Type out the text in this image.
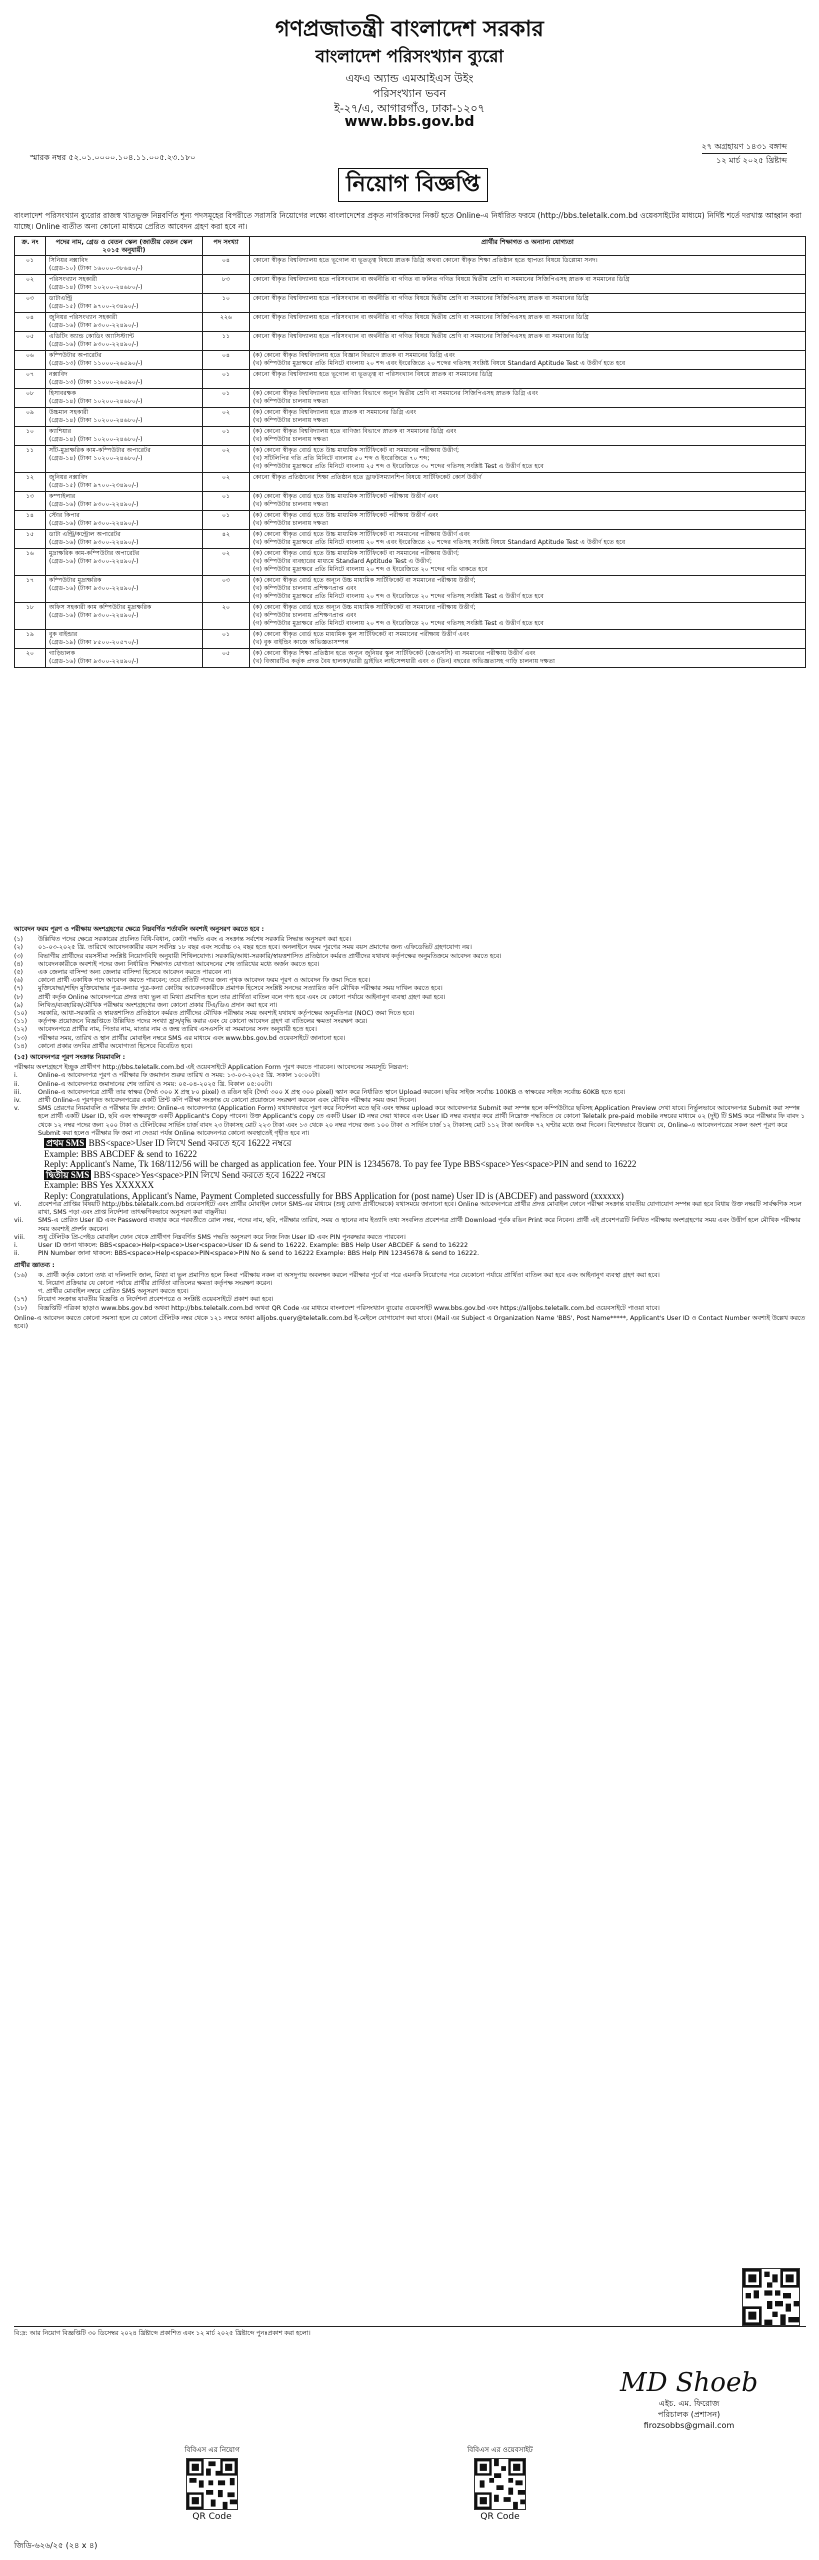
গণপ্রজাতন্ত্রী বাংলাদেশ সরকার
বাংলাদেশ পরিসংখ্যান ব্যুরো
এফএ অ্যান্ড এমআইএস উইং
পরিসংখ্যান ভবন
ই-২৭/এ, আগারগাঁও, ঢাকা-১২০৭
www.bbs.gov.bd
স্মারক নম্বর ৫২.০১.০০০০.১০৪.১১.০০৫.২৩.১৮০
২৭ অগ্রহায়ণ ১৪৩১ বঙ্গাব্দ
১২ মার্চ ২০২৫ খ্রিষ্টাব্দ
নিয়োগ বিজ্ঞপ্তি
বাংলাদেশ পরিসংখ্যান ব্যুরোর রাজস্ব খাতভুক্ত নিম্নবর্ণিত শূন্য পদসমূহের বিপরীতে সরাসরি নিয়োগের লক্ষ্যে বাংলাদেশের প্রকৃত নাগরিকদের নিকট হতে Online-এ নির্ধারিত ফরমে (http://bbs.teletalk.com.bd ওয়েবসাইটের মাধ্যমে) নির্দিষ্ট শর্তে দরখাস্ত আহ্বান করা যাচ্ছে। Online ব্যতীত অন্য কোনো মাধ্যমে প্রেরিত আবেদন গ্রহণ করা হবে না।
ক্র. নং	পদের নাম, গ্রেড ও বেতন স্কেল (জাতীয় বেতন স্কেল ২০১৫ অনুযায়ী)	পদ সংখ্যা	প্রার্থীর শিক্ষাগত ও অন্যান্য যোগ্যতা
০১	সিনিয়র নক্সাবিদ
(গ্রেড-১০) (টাকা ১৬০০০-৩৮৬৪০/-)	০৪	কোনো স্বীকৃত বিশ্ববিদ্যালয় হতে ভূগোল বা ভূতত্ত্ব বিষয়ে স্নাতক ডিগ্রি অথবা কোনো স্বীকৃত শিক্ষা প্রতিষ্ঠান হতে স্থাপত্য বিষয়ে ডিপ্লোমা সনদ।
০২	পরিসংখ্যান সহকারী
(গ্রেড-১৪) (টাকা ১০২০০-২৪৬৮০/-)	৮৩	কোনো স্বীকৃত বিশ্ববিদ্যালয় হতে পরিসংখ্যান বা অর্থনীতি বা গণিত বা ফলিত গণিত বিষয়ে দ্বিতীয় শ্রেণি বা সমমানের সিজিপিএসহ স্নাতক বা সমমানের ডিগ্রি
০৩	ডাটাএন্ট্রি
(গ্রেড-১৫) (টাকা ৯৭০০-২৩৪৯০/-)	১০	কোনো স্বীকৃত বিশ্ববিদ্যালয় হতে পরিসংখ্যান বা অর্থনীতি বা গণিত বিষয়ে দ্বিতীয় শ্রেণি বা সমমানের সিজিপিএসহ স্নাতক বা সমমানের ডিগ্রি
০৪	জুনিয়র পরিসংখ্যান সহকারী
(গ্রেড-১৬) (টাকা ৯৩০০-২২৪৯০/-)	২২৬	কোনো স্বীকৃত বিশ্ববিদ্যালয় হতে পরিসংখ্যান বা অর্থনীতি বা গণিত বিষয়ে দ্বিতীয় শ্রেণি বা সমমানের সিজিপিএসহ স্নাতক বা সমমানের ডিগ্রি
০৫	এডিটিং অ্যান্ড কোডিং অ্যাসিস্ট্যান্ট
(গ্রেড-১৬) (টাকা ৯৩০০-২২৪৯০/-)	১১	কোনো স্বীকৃত বিশ্ববিদ্যালয় হতে পরিসংখ্যান বা অর্থনীতি বা গণিত বিষয়ে দ্বিতীয় শ্রেণি বা সমমানের সিজিপিএসহ স্নাতক বা সমমানের ডিগ্রি
০৬	কম্পিউটার অপারেটর
(গ্রেড-১৩) (টাকা ১১০০০-২৬৫৯০/-)	০৪	(ক) কোনো স্বীকৃত বিশ্ববিদ্যালয় হতে বিজ্ঞান বিভাগে স্নাতক বা সমমানের ডিগ্রি এবং
(খ) কম্পিউটার মুদ্রাক্ষরে প্রতি মিনিটে বাংলায় ২০ শব্দ এবং ইংরেজিতে ২০ শব্দের গতিসহ সংশ্লিষ্ট বিষয়ে Standard Aptitude Test এ উত্তীর্ণ হতে হবে
০৭	নক্সাবিদ
(গ্রেড-১৩) (টাকা ১১০০০-২৬৫৯০/-)	০১	কোনো স্বীকৃত বিশ্ববিদ্যালয় হতে ভূগোল বা ভূতত্ত্ব বা পরিসংখ্যান বিষয়ে স্নাতক বা সমমানের ডিগ্রি
০৮	হিসাবরক্ষক
(গ্রেড-১৪) (টাকা ১০২০০-২৪৬৮০/-)	০১	(ক) কোনো স্বীকৃত বিশ্ববিদ্যালয় হতে বাণিজ্য বিভাগে অন্যূন দ্বিতীয় শ্রেণি বা সমমানের সিজিপিএসহ স্নাতক ডিগ্রি এবং
(খ) কম্পিউটার চালনায় দক্ষতা
০৯	উচ্চমান সহকারী
(গ্রেড-১৪) (টাকা ১০২০০-২৪৬৮০/-)	০২	(ক) কোনো স্বীকৃত বিশ্ববিদ্যালয় হতে স্নাতক বা সমমানের ডিগ্রি এবং
(খ) কম্পিউটার চালনায় দক্ষতা
১০	ক্যাশিয়ার
(গ্রেড-১৪) (টাকা ১০২০০-২৪৬৮০/-)	০১	(ক) কোনো স্বীকৃত বিশ্ববিদ্যালয় হতে বাণিজ্য বিভাগে স্নাতক বা সমমানের ডিগ্রি এবং
(খ) কম্পিউটার চালনায় দক্ষতা
১১	সাঁট-মুদ্রাক্ষরিক কাম-কম্পিউটার অপারেটর
(গ্রেড-১৪) (টাকা ১০২০০-২৪৬৮০/-)	০২	(ক) কোনো স্বীকৃত বোর্ড হতে উচ্চ মাধ্যমিক সার্টিফিকেট বা সমমানের পরীক্ষায় উত্তীর্ণ;
(খ) সাঁটলিপির গতি প্রতি মিনিটে বাংলায় ৫০ শব্দ ও ইংরেজিতে ৭০ শব্দ;
(গ) কম্পিউটার মুদ্রাক্ষরে প্রতি মিনিটে বাংলায় ২৫ শব্দ ও ইংরেজিতে ৩০ শব্দের গতিসহ সংশ্লিষ্ট Test এ উত্তীর্ণ হতে হবে
১২	জুনিয়র নক্সাবিদ
(গ্রেড-১৫) (টাকা ৯৭০০-২৩৪৯০/-)	০২	কোনো স্বীকৃত প্রতিষ্ঠানের শিক্ষা প্রতিষ্ঠান হতে ড্রাফটসম্যানশিপ বিষয়ে সার্টিফিকেট কোর্স উত্তীর্ণ
১৩	কম্পাইলার
(গ্রেড-১৬) (টাকা ৯৩০০-২২৪৯০/-)	০১	(ক) কোনো স্বীকৃত বোর্ড হতে উচ্চ মাধ্যমিক সার্টিফিকেট পরীক্ষায় উত্তীর্ণ এবং
(খ) কম্পিউটার চালনায় দক্ষতা
১৪	স্টোর কিপার
(গ্রেড-১৬) (টাকা ৯৩০০-২২৪৯০/-)	০১	(ক) কোনো স্বীকৃত বোর্ড হতে উচ্চ মাধ্যমিক সার্টিফিকেট পরীক্ষায় উত্তীর্ণ এবং
(খ) কম্পিউটার চালনায় দক্ষতা
১৫	ডাটা এন্ট্রি/কন্ট্রোল অপারেটর
(গ্রেড-১৬) (টাকা ৯৩০০-২২৪৯০/-)	৪২	(ক) কোনো স্বীকৃত বোর্ড হতে উচ্চ মাধ্যমিক সার্টিফিকেট বা সমমানের পরীক্ষায় উত্তীর্ণ এবং
(খ) কম্পিউটার মুদ্রাক্ষরে প্রতি মিনিটে বাংলায় ২০ শব্দ এবং ইংরেজিতে ২০ শব্দের গতিসহ সংশ্লিষ্ট বিষয়ে Standard Aptitude Test এ উত্তীর্ণ হতে হবে
১৬	মুদ্রাক্ষরিক কাম-কম্পিউটার অপারেটর
(গ্রেড-১৬) (টাকা ৯৩০০-২২৪৯০/-)	০২	(ক) কোনো স্বীকৃত বোর্ড হতে উচ্চ মাধ্যমিক সার্টিফিকেট বা সমমানের পরীক্ষায় উত্তীর্ণ;
(খ) কম্পিউটার ব্যবহারের মাধ্যমে Standard Aptitude Test এ উত্তীর্ণ;
(গ) কম্পিউটার মুদ্রাক্ষরে প্রতি মিনিটে বাংলায় ২০ শব্দ ও ইংরেজিতে ২০ শব্দের গতি থাকতে হবে
১৭	কম্পিউটার মুদ্রাক্ষরিক
(গ্রেড-১৬) (টাকা ৯৩০০-২২৪৯০/-)	০৩	(ক) কোনো স্বীকৃত বোর্ড হতে অন্যূন উচ্চ মাধ্যমিক সার্টিফিকেট বা সমমানের পরীক্ষায় উত্তীর্ণ;
(খ) কম্পিউটার চালনায় প্রশিক্ষণপ্রাপ্ত এবং
(গ) কম্পিউটার মুদ্রাক্ষরে প্রতি মিনিটে বাংলায় ২০ শব্দ ও ইংরেজিতে ২০ শব্দের গতিসহ সংশ্লিষ্ট Test এ উত্তীর্ণ হতে হবে
১৮	অফিস সহকারী কাম কম্পিউটার মুদ্রাক্ষরিক
(গ্রেড-১৬) (টাকা ৯৩০০-২২৪৯০/-)	২০	(ক) কোনো স্বীকৃত বোর্ড হতে অন্যূন উচ্চ মাধ্যমিক সার্টিফিকেট বা সমমানের পরীক্ষায় উত্তীর্ণ;
(খ) কম্পিউটার চালনায় প্রশিক্ষণপ্রাপ্ত এবং
(গ) কম্পিউটার মুদ্রাক্ষরে প্রতি মিনিটে বাংলায় ২০ শব্দ ও ইংরেজিতে ২০ শব্দের গতিসহ সংশ্লিষ্ট Test এ উত্তীর্ণ হতে হবে
১৯	বুক বাইন্ডার
(গ্রেড-১৯) (টাকা ৮৫০০-২০৫৭০/-)	০১	(ক) কোনো স্বীকৃত বোর্ড হতে মাধ্যমিক স্কুল সার্টিফিকেট বা সমমানের পরীক্ষায় উত্তীর্ণ এবং
(খ) বুক বাইন্ডিং কাজে অভিজ্ঞতাসম্পন্ন
২০	গাড়িচালক
(গ্রেড-১৬) (টাকা ৯৩০০-২২৪৯০/-)	০৫	(ক) কোনো স্বীকৃত শিক্ষা প্রতিষ্ঠান হতে অন্যূন জুনিয়র স্কুল সার্টিফিকেট (জেএসসি) বা সমমানের পরীক্ষায় উত্তীর্ণ এবং
(খ) বিআরটিএ কর্তৃক প্রদত্ত বৈধ হালকা/ভারী ড্রাইভিং লাইসেন্সধারী এবং ৩ (তিন) বছরের অভিজ্ঞতাসহ গাড়ি চালনায় দক্ষতা
আবেদন ফরম পূরণ ও পরীক্ষায় অংশগ্রহণের ক্ষেত্রে নিম্নবর্ণিত শর্তাবলি অবশ্যই অনুসরণ করতে হবে :
(১)	উল্লিখিত পদের ক্ষেত্রে সরকারের প্রচলিত বিধি-বিধান, কোটা পদ্ধতি এবং এ সংক্রান্ত সর্বশেষ সরকারি সিদ্ধান্ত অনুসরণ করা হবে।
(২)	০১-০৩-২০২৫ খ্রি. তারিখে আবেদনকারীর বয়স সর্বনিম্ন ১৮ বছর এবং সর্বোচ্চ ৩২ বছর হতে হবে। অনলাইনে ফরম পূরণের সময় বয়স প্রমাণের জন্য এফিডেভিট গ্রহণযোগ্য নয়।
(৩)	বিভাগীয় প্রার্থীদের বয়সসীমা সংশ্লিষ্ট নিয়োগবিধি অনুযায়ী শিথিলযোগ্য। সরকারি/আধা-সরকারি/স্বায়ত্তশাসিত প্রতিষ্ঠানে কর্মরত প্রার্থীদের যথাযথ কর্তৃপক্ষের অনুমতিক্রমে আবেদন করতে হবে।
(৪)	আবেদনকারীকে অবশ্যই পদের জন্য নির্ধারিত শিক্ষাগত যোগ্যতা আবেদনের শেষ তারিখের মধ্যে অর্জন করতে হবে।
(৫)	এক জেলার বাসিন্দা অন্য জেলার বাসিন্দা হিসেবে আবেদন করতে পারবেন না।
(৬)	কোনো প্রার্থী একাধিক পদে আবেদন করতে পারবেন; তবে প্রতিটি পদের জন্য পৃথক আবেদন ফরম পূরণ ও আবেদন ফি জমা দিতে হবে।
(৭)	মুক্তিযোদ্ধা/শহিদ মুক্তিযোদ্ধার পুত্র-কন্যার পুত্র-কন্যা কোটায় আবেদনকারীকে প্রমাণক হিসেবে সংশ্লিষ্ট সনদের সত্যায়িত কপি মৌখিক পরীক্ষার সময় দাখিল করতে হবে।
(৮)	প্রার্থী কর্তৃক Online আবেদনপত্রে প্রদত্ত তথ্য ভুল বা মিথ্যা প্রমাণিত হলে তার প্রার্থিতা বাতিল বলে গণ্য হবে এবং যে কোনো পর্যায়ে আইনানুগ ব্যবস্থা গ্রহণ করা হবে।
(৯)	লিখিত/ব্যবহারিক/মৌখিক পরীক্ষায় অংশগ্রহণের জন্য কোনো প্রকার টিএ/ডিএ প্রদান করা হবে না।
(১০)	সরকারি, আধা-সরকারি ও স্বায়ত্তশাসিত প্রতিষ্ঠানে কর্মরত প্রার্থীদের মৌখিক পরীক্ষার সময় অবশ্যই যথাযথ কর্তৃপক্ষের অনুমতিপত্র (NOC) জমা দিতে হবে।
(১১)	কর্তৃপক্ষ প্রয়োজনে বিজ্ঞপ্তিতে উল্লিখিত পদের সংখ্যা হ্রাস/বৃদ্ধি করার এবং যে কোনো আবেদন গ্রহণ বা বাতিলের ক্ষমতা সংরক্ষণ করে।
(১২)	আবেদনপত্রে প্রার্থীর নাম, পিতার নাম, মাতার নাম ও জন্ম তারিখ এসএসসি বা সমমানের সনদ অনুযায়ী হতে হবে।
(১৩)	পরীক্ষার সময়, তারিখ ও স্থান প্রার্থীর মোবাইল নম্বরে SMS এর মাধ্যমে এবং www.bbs.gov.bd ওয়েবসাইটে জানানো হবে।
(১৪)	কোনো প্রকার তদবির প্রার্থীর অযোগ্যতা হিসেবে বিবেচিত হবে।
(১৫) আবেদনপত্র পূরণ সংক্রান্ত নিয়মাবলি :
পরীক্ষায় অংশগ্রহণে ইচ্ছুক প্রার্থীগণ http://bbs.teletalk.com.bd এই ওয়েবসাইটে Application Form পূরণ করতে পারবেন। আবেদনের সময়সূচি নিম্নরূপ:
i.	Online-এ আবেদনপত্র পূরণ ও পরীক্ষার ফি জমাদান শুরুর তারিখ ও সময়: ১৩-০৩-২০২৫ খ্রি. সকাল ১০:০০টা।
ii.	Online-এ আবেদনপত্র জমাদানের শেষ তারিখ ও সময়: ০৫-০৪-২০২৫ খ্রি. বিকাল ০৫:০০টা।
iii.	Online-এ আবেদনপত্রে প্রার্থী তার স্বাক্ষর (দৈর্ঘ্য ৩০০ X প্রস্থ ৮০ pixel) ও রঙিন ছবি (দৈর্ঘ্য ৩০০ X প্রস্থ ৩০০ pixel) স্ক্যান করে নির্ধারিত স্থানে Upload করবেন। ছবির সাইজ সর্বোচ্চ 100KB ও স্বাক্ষরের সাইজ সর্বোচ্চ 60KB হতে হবে।
iv.	প্রার্থী Online-এ পূরণকৃত আবেদনপত্রের একটি প্রিন্ট কপি পরীক্ষা সংক্রান্ত যে কোনো প্রয়োজনে সংরক্ষণ করবেন এবং মৌখিক পরীক্ষার সময় জমা দিবেন।
v.	SMS প্রেরণের নিয়মাবলি ও পরীক্ষার ফি প্রদান: Online-এ আবেদনপত্র (Application Form) যথাযথভাবে পূরণ করে নির্দেশনা মতে ছবি এবং স্বাক্ষর upload করে আবেদনপত্র Submit করা সম্পন্ন হলে কম্পিউটারে ছবিসহ Application Preview দেখা যাবে। নির্ভুলভাবে আবেদনপত্র Submit করা সম্পন্ন হলে প্রার্থী একটি User ID, ছবি এবং স্বাক্ষরযুক্ত একটি Applicant's Copy পাবেন। উক্ত Applicant's copy তে একটি User ID নম্বর দেয়া থাকবে এবং User ID নম্বর ব্যবহার করে প্রার্থী নিম্নোক্ত পদ্ধতিতে যে কোনো Teletalk pre-paid mobile নম্বরের মাধ্যমে ০২ (দুই) টি SMS করে পরীক্ষার ফি বাবদ ১ থেকে ১২ নম্বর পদের জন্য ২০০ টাকা ও টেলিটকের সার্ভিস চার্জ বাবদ ২৩ টাকাসহ মোট ২২৩ টাকা এবং ১৩ থেকে ২০ নম্বর পদের জন্য ১০০ টাকা ও সার্ভিস চার্জ ১২ টাকাসহ মোট ১১২ টাকা অনধিক ৭২ ঘণ্টার মধ্যে জমা দিবেন। বিশেষভাবে উল্লেখ্য যে, Online-এ আবেদনপত্রের সকল অংশ পূরণ করে Submit করা হলেও পরীক্ষার ফি জমা না দেওয়া পর্যন্ত Online আবেদনপত্র কোনো অবস্থাতেই গৃহীত হবে না।
প্রথম SMS BBS<space>User ID লিখে Send করতে হবে 16222 নম্বরে
Example: BBS ABCDEF & send to 16222
Reply: Applicant's Name, Tk 168/112/56 will be charged as application fee. Your PIN is 12345678. To pay fee Type BBS<space>Yes<space>PIN and send to 16222
দ্বিতীয় SMS BBS<space>Yes<space>PIN লিখে Send করতে হবে 16222 নম্বরে
Example: BBS Yes XXXXXX
Reply: Congratulations, Applicant's Name, Payment Completed successfully for BBS Application for (post name) User ID is (ABCDEF) and password (xxxxxx)
vi.	প্রবেশপত্র প্রাপ্তির বিষয়টি http://bbs.teletalk.com.bd ওয়েবসাইটে এবং প্রার্থীর মোবাইল ফোনে SMS-এর মাধ্যমে (শুধু যোগ্য প্রার্থীদেরকে) যথাসময়ে জানানো হবে। Online আবেদনপত্রে প্রার্থীর প্রদত্ত মোবাইল ফোনে পরীক্ষা সংক্রান্ত যাবতীয় যোগাযোগ সম্পন্ন করা হবে বিধায় উক্ত নম্বরটি সার্বক্ষণিক সচল রাখা, SMS পড়া এবং প্রাপ্ত নির্দেশনা তাৎক্ষণিকভাবে অনুসরণ করা বাঞ্ছনীয়।
vii.	SMS-এ প্রেরিত User ID এবং Password ব্যবহার করে পরবর্তীতে রোল নম্বর, পদের নাম, ছবি, পরীক্ষার তারিখ, সময় ও স্থানের নাম ইত্যাদি তথ্য সংবলিত প্রবেশপত্র প্রার্থী Download পূর্বক রঙিন Print করে নিবেন। প্রার্থী এই প্রবেশপত্রটি লিখিত পরীক্ষায় অংশগ্রহণের সময় এবং উত্তীর্ণ হলে মৌখিক পরীক্ষার সময় অবশ্যই প্রদর্শন করবেন।
viii.	শুধু টেলিটক প্রি-পেইড মোবাইল ফোন থেকে প্রার্থীগণ নিম্নবর্ণিত SMS পদ্ধতি অনুসরণ করে নিজ নিজ User ID এবং PIN পুনরুদ্ধার করতে পারবেন।
i.	User ID জানা থাকলে: BBS<space>Help<space>User<space>User ID & send to 16222. Example: BBS Help User ABCDEF & send to 16222
ii.	PIN Number জানা থাকলে: BBS<space>Help<space>PIN<space>PIN No & send to 16222 Example: BBS Help PIN 12345678 & send to 16222.
প্রার্থীর জ্ঞাতব্য :
(১৬)	ক. প্রার্থী কর্তৃক কোনো তথ্য বা দলিলাদি জাল, মিথ্যা বা ভুল প্রমাণিত হলে কিংবা পরীক্ষায় নকল বা অসদুপায় অবলম্বন করলে পরীক্ষার পূর্বে বা পরে এমনকি নিয়োগের পরে যেকোনো পর্যায়ে প্রার্থিতা বাতিল করা হবে এবং আইনানুগ ব্যবস্থা গ্রহণ করা হবে।
খ. নিয়োগ প্রক্রিয়ার যে কোনো পর্যায়ে প্রার্থীর প্রার্থিতা বাতিলের ক্ষমতা কর্তৃপক্ষ সংরক্ষণ করেন।
গ. প্রার্থীর মোবাইল নম্বরে প্রেরিত SMS অনুসরণ করতে হবে।
(১৭)	নিয়োগ সংক্রান্ত যাবতীয় বিজ্ঞপ্তি ও নির্দেশনা প্রবেশপত্রে ও সংশ্লিষ্ট ওয়েবসাইটে প্রকাশ করা হবে।
(১৮)	বিজ্ঞপ্তিটি পত্রিকা ছাড়াও www.bbs.gov.bd অথবা http://bbs.teletalk.com.bd অথবা QR Code এর মাধ্যমে বাংলাদেশ পরিসংখ্যান ব্যুরোর ওয়েবসাইট www.bbs.gov.bd এবং https://alljobs.teletalk.com.bd ওয়েবসাইটে পাওয়া যাবে।
Online-এ আবেদন করতে কোনো সমস্যা হলে যে কোনো টেলিটক নম্বর থেকে ১২১ নম্বরে অথবা alljobs.query@teletalk.com.bd ই-মেইলে যোগাযোগ করা যাবে। (Mail এর Subject এ Organization Name 'BBS', Post Name*****, Applicant's User ID ও Contact Number অবশ্যই উল্লেখ করতে হবে।)
বি:দ্র: আর নিয়োগ বিজ্ঞপ্তিটি ৩০ ডিসেম্বর ২০২৪ খ্রিষ্টাব্দে প্রকাশিত এবং ১২ মার্চ ২০২৫ খ্রিষ্টাব্দে পুনঃপ্রকাশ করা হলো।
MD Shoeb
এইচ. এম. ফিরোজ
পরিচালক (প্রশাসন)
firozsobbs@gmail.com
বিবিএস এর নিয়োগ
QR Code
বিবিএস এর ওয়েবসাইট
QR Code
জিডি-৬২৬/২৫ (২৪ x ৪)
